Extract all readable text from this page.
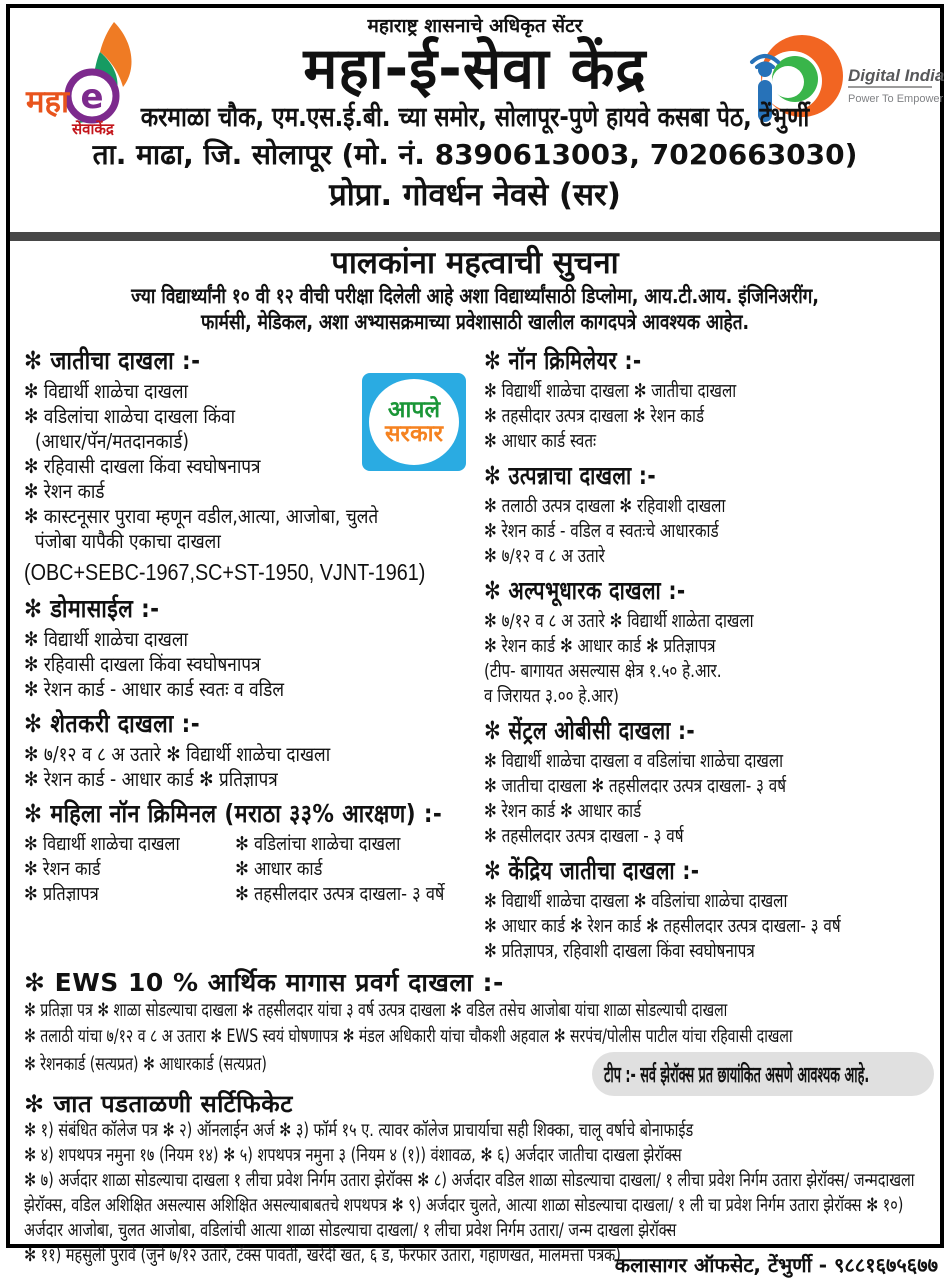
e
महा
सेवाकेंद्र
Digital India
Power To Empower
महाराष्ट्र शासनाचे अधिकृत सेंटर
महा-ई-सेवा केंद्र
करमाळा चौक, एम.एस.ई.बी. च्या समोर, सोलापूर-पुणे हायवे कसबा पेठ, टेंभुर्णी
ता. माढा, जि. सोलापूर (मो. नं. 8390613003, 7020663030)
प्रोप्रा. गोवर्धन नेवसे (सर)
पालकांना महत्वाची सुचना
ज्या विद्यार्थ्यांनी १० वी १२ वीची परीक्षा दिलेली आहे अशा विद्यार्थ्यांसाठी डिप्लोमा, आय.टी.आय. इंजिनिअरींग,
फार्मसी, मेडिकल, अशा अभ्यासक्रमाच्या प्रवेशासाठी खालील कागदपत्रे आवश्यक आहेत.
आपले
सरकार
✻ जातीचा दाखला :-
✻ विद्यार्थी शाळेचा दाखला
✻ वडिलांचा शाळेचा दाखला किंवा
(आधार/पॅन/मतदानकार्ड)
✻ रहिवासी दाखला किंवा स्वघोषनापत्र
✻ रेशन कार्ड
✻ कास्टनूसार पुरावा म्हणून वडील,आत्या, आजोबा, चुलते
पंजोबा यापैकी एकाचा दाखला
(OBC+SEBC-1967,SC+ST-1950, VJNT-1961)
✻ डोमासाईल :-
✻ विद्यार्थी शाळेचा दाखला
✻ रहिवासी दाखला किंवा स्वघोषनापत्र
✻ रेशन कार्ड - आधार कार्ड स्वतः व वडिल
✻ शेतकरी दाखला :-
✻ ७/१२ व ८ अ उतारे ✻ विद्यार्थी शाळेचा दाखला
✻ रेशन कार्ड - आधार कार्ड ✻ प्रतिज्ञापत्र
✻ महिला नॉन क्रिमिनल (मराठा ३३% आरक्षण) :-
✻ विद्यार्थी शाळेचा दाखला	✻ वडिलांचा शाळेचा दाखला
✻ रेशन कार्ड	✻ आधार कार्ड
✻ प्रतिज्ञापत्र	✻ तहसीलदार उत्पत्र दाखला- ३ वर्षे
✻ नॉन क्रिमिलेयर :-
✻ विद्यार्थी शाळेचा दाखला ✻ जातीचा दाखला
✻ तहसीदार उत्पत्र दाखला ✻ रेशन कार्ड
✻ आधार कार्ड स्वतः
✻ उत्पन्नाचा दाखला :-
✻ तलाठी उत्पत्र दाखला ✻ रहिवाशी दाखला
✻ रेशन कार्ड - वडिल व स्वतःचे आधारकार्ड
✻ ७/१२ व ८ अ उतारे
✻ अल्पभूधारक दाखला :-
✻ ७/१२ व ८ अ उतारे ✻ विद्यार्थी शाळेता दाखला
✻ रेशन कार्ड ✻ आधार कार्ड ✻ प्रतिज्ञापत्र
(टीप- बागायत असल्यास क्षेत्र १.५० हे.आर.
व जिरायत ३.०० हे.आर)
✻ सेंट्रल ओबीसी दाखला :-
✻ विद्यार्थी शाळेचा दाखला व वडिलांचा शाळेचा दाखला
✻ जातीचा दाखला ✻ तहसीलदार उत्पत्र दाखला- ३ वर्ष
✻ रेशन कार्ड ✻ आधार कार्ड
✻ तहसीलदार उत्पत्र दाखला - ३ वर्ष
✻ केंद्रिय जातीचा दाखला :-
✻ विद्यार्थी शाळेचा दाखला ✻ वडिलांचा शाळेचा दाखला
✻ आधार कार्ड ✻ रेशन कार्ड ✻ तहसीलदार उत्पत्र दाखला- ३ वर्ष
✻ प्रतिज्ञापत्र, रहिवाशी दाखला किंवा स्वघोषनापत्र
✻ EWS 10 % आर्थिक मागास प्रवर्ग दाखला :-
✻ प्रतिज्ञा पत्र ✻ शाळा सोडल्याचा दाखला ✻ तहसीलदार यांचा ३ वर्ष उत्पत्र दाखला ✻ वडिल तसेच आजोबा यांचा शाळा सोडल्याची दाखला
✻ तलाठी यांचा ७/१२ व ८ अ उतारा ✻ EWS स्वयं घोषणापत्र ✻ मंडल अधिकारी यांचा चौकशी अहवाल ✻ सरपंच/पोलीस पाटील यांचा रहिवासी दाखला
✻ रेशनकार्ड (सत्यप्रत) ✻ आधारकार्ड (सत्यप्रत)	टीप :- सर्व झेरॉक्स प्रत छायांकित असणे आवश्यक आहे.
✻ जात पडताळणी सर्टिफिकेट
✻ १) संबंधित कॉलेज पत्र ✻ २) ऑनलाईन अर्ज ✻ ३) फॉर्म १५ ए. त्यावर कॉलेज प्राचार्याचा सही शिक्का, चालू वर्षाचे बोनाफाईड
✻ ४) शपथपत्र नमुना १७ (नियम १४) ✻ ५) शपथपत्र नमुना ३ (नियम ४ (१)) वंशावळ, ✻ ६) अर्जदार जातीचा दाखला झेरॉक्स
✻ ७) अर्जदार शाळा सोडल्याचा दाखला १ लीचा प्रवेश निर्गम उतारा झेरॉक्स ✻ ८) अर्जदार वडिल शाळा सोडल्याचा दाखला/ १ लीचा प्रवेश निर्गम उतारा झेरॉक्स/ जन्मदाखला झेरॉक्स, वडिल अशिक्षित असल्यास अशिक्षित असल्याबाबतचे शपथपत्र ✻ ९) अर्जदार चुलते, आत्या शाळा सोडल्याचा दाखला/ १ ली चा प्रवेश निर्गम उतारा झेरॉक्स ✻ १०) अर्जदार आजोबा, चुलत आजोबा, वडिलांची आत्या शाळा सोडल्याचा दाखला/ १ लीचा प्रवेश निर्गम उतारा/ जन्म दाखला झेरॉक्स
✻ ११) महसुली पुरावे (जुने ७/१२ उतारे, टॅक्स पावती, खरेदी खत, ६ ड, फेरफार उतारा, गहाणखत, मालमत्ता पत्रक)
कलासागर ऑफसेट, टेंभुर्णी - ९८८१६७५६७७
